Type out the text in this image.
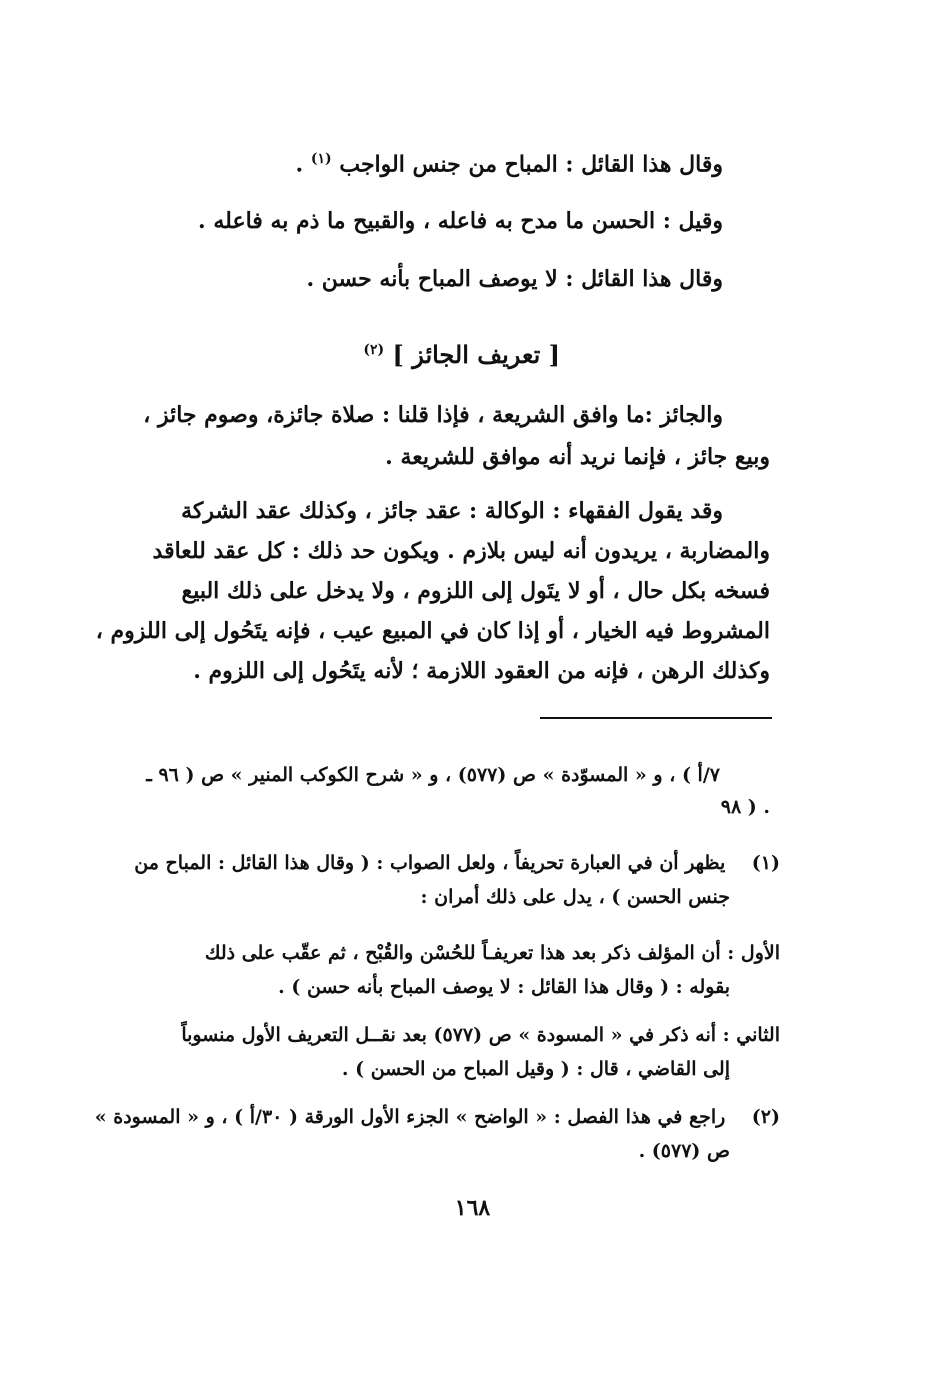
وقال هذا القائل : المباح من جنس الواجب $^{(١)}$ .
وقيل : الحسن ما مدح به فاعله ، والقبيح ما ذم به فاعله .
وقال هذا القائل : لا يوصف المباح بأنه حسن .
[ تعريف الجائز ] $^{(٢)}$
والجائز :ما وافق الشريعة ، فإذا قلنا : صلاة جائزة، وصوم جائز ،
وبيع جائز ، فإنما نريد أنه موافق للشريعة .
وقد يقول الفقهاء : الوكالة : عقد جائز ، وكذلك عقد الشركة
والمضاربة ، يريدون أنه ليس بلازم . ويكون حد ذلك : كل عقد للعاقد
فسخه بكل حال ، أو لا يتَول إلى اللزوم ، ولا يدخل على ذلك البيع
المشروط فيه الخيار ، أو إذا كان في المبيع عيب ، فإنه يتَحُول إلى اللزوم ،
وكذلك الرهن ، فإنه من العقود اللازمة ؛ لأنه يتَحُول إلى اللزوم .
٧/أ ) ، و « المسوّدة » ص (٥٧٧) ، و « شرح الكوكب المنير » ص ( ٩٦ ـ
٩٨ ) .
(١)    يظهر أن في العبارة تحريفاً ، ولعل الصواب : ( وقال هذا القائل : المباح من
جنس الحسن ) ، يدل على ذلك أمران :
الأول : أن المؤلف ذكر بعد هذا تعريفـاً للحُسْن والقُبْح ، ثم عقّب على ذلك
بقوله : ( وقال هذا القائل : لا يوصف المباح بأنه حسن ) .
الثاني : أنه ذكر في « المسودة » ص (٥٧٧) بعد نقــل التعريف الأول منسوباً
إلى القاضي ، قال : ( وقيل المباح من الحسن ) .
(٢)    راجع في هذا الفصل : « الواضح » الجزء الأول الورقة ( ٣٠/أ ) ، و « المسودة »
ص (٥٧٧) .
١٦٨
